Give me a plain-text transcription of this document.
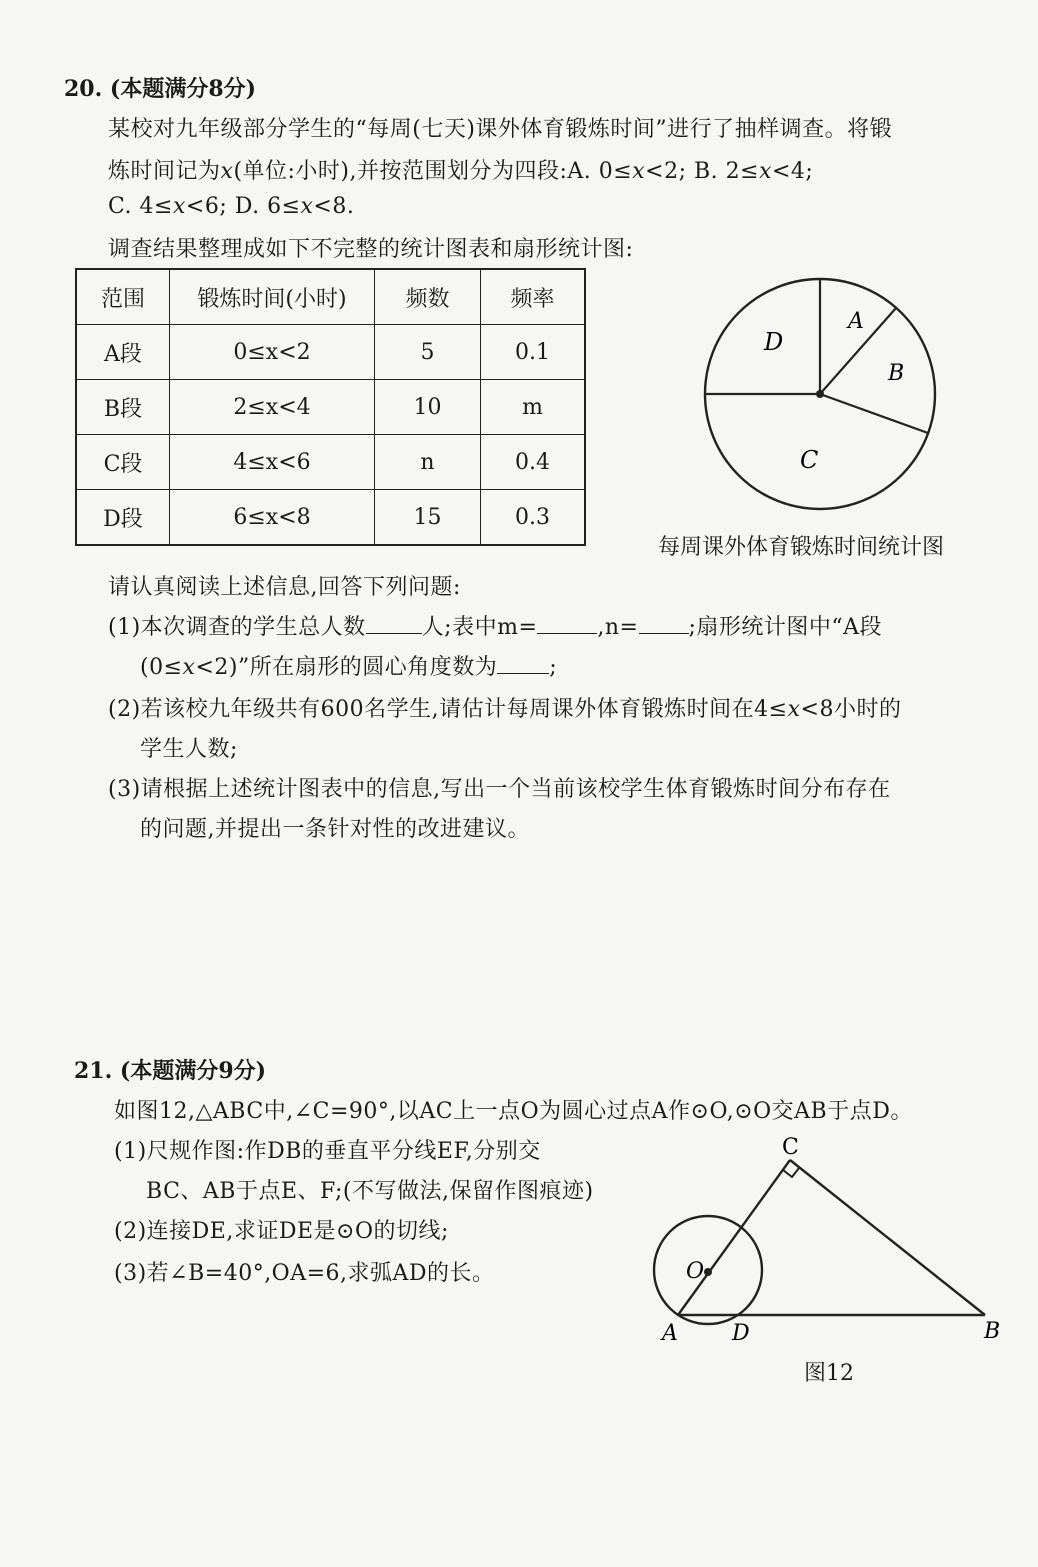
20. (本题满分8分)
某校对九年级部分学生的“每周(七天)课外体育锻炼时间”进行了抽样调查。将锻
炼时间记为x(单位:小时),并按范围划分为四段:A. 0≤x<2; B. 2≤x<4;
C. 4≤x<6; D. 6≤x<8.
调查结果整理成如下不完整的统计图表和扇形统计图:
范围	锻炼时间(小时)	频数	频率
A段	0≤x<2	5	0.1
B段	2≤x<4	10	m
C段	4≤x<6	n	0.4
D段	6≤x<8	15	0.3
A
B
C
D
每周课外体育锻炼时间统计图
请认真阅读上述信息,回答下列问题:
(1)本次调查的学生总人数	人;表中m=	,n= ;扇形统计图中“A段
(0≤x<2)”所在扇形的圆心角度数为 ;
(2)若该校九年级共有600名学生,请估计每周课外体育锻炼时间在4≤x<8小时的
学生人数;
(3)请根据上述统计图表中的信息,写出一个当前该校学生体育锻炼时间分布存在
的问题,并提出一条针对性的改进建议。
21. (本题满分9分)
如图12,△ABC中,∠C=90°,以AC上一点O为圆心过点A作⊙O,⊙O交AB于点D。
(1)尺规作图:作DB的垂直平分线EF,分别交
BC、AB于点E、F;(不写做法,保留作图痕迹)
(2)连接DE,求证DE是⊙O的切线;
(3)若∠B=40°,OA=6,求弧AD的长。
C
O
A D	B
图12
